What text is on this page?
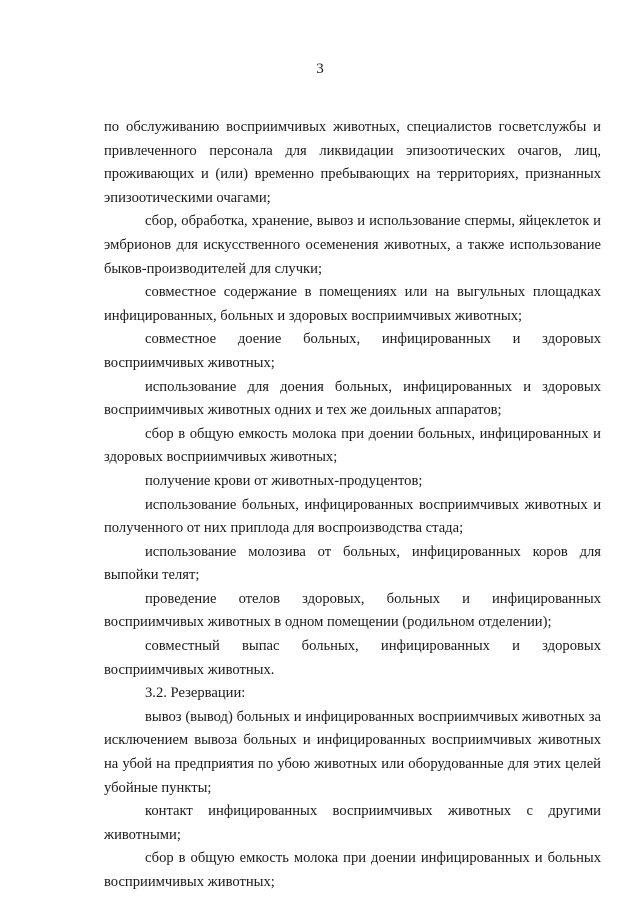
3

по обслуживанию восприимчивых животных, специалистов госветслужбы и привлеченного персонала для ликвидации эпизоотических очагов, лиц, проживающих и (или) временно пребывающих на территориях, признанных эпизоотическими очагами;

сбор, обработка, хранение, вывоз и использование спермы, яйцеклеток и эмбрионов для искусственного осеменения животных, а также использование быков-производителей для случки;

совместное содержание в помещениях или на выгульных площадках инфицированных, больных и здоровых восприимчивых животных;

совместное доение больных, инфицированных и здоровых восприимчивых животных;

использование для доения больных, инфицированных и здоровых восприимчивых животных одних и тех же доильных аппаратов;

сбор в общую емкость молока при доении больных, инфицированных и здоровых восприимчивых животных;

получение крови от животных-продуцентов;

использование больных, инфицированных восприимчивых животных и полученного от них приплода для воспроизводства стада;

использование молозива от больных, инфицированных коров для выпойки телят;

проведение отелов здоровых, больных и инфицированных восприимчивых животных в одном помещении (родильном отделении);

совместный выпас больных, инфицированных и здоровых восприимчивых животных.

3.2. Резервации:

вывоз (вывод) больных и инфицированных восприимчивых животных за исключением вывоза больных и инфицированных восприимчивых животных на убой на предприятия по убою животных или оборудованные для этих целей убойные пункты;

контакт инфицированных восприимчивых животных с другими животными;

сбор в общую емкость молока при доении инфицированных и больных восприимчивых животных;
